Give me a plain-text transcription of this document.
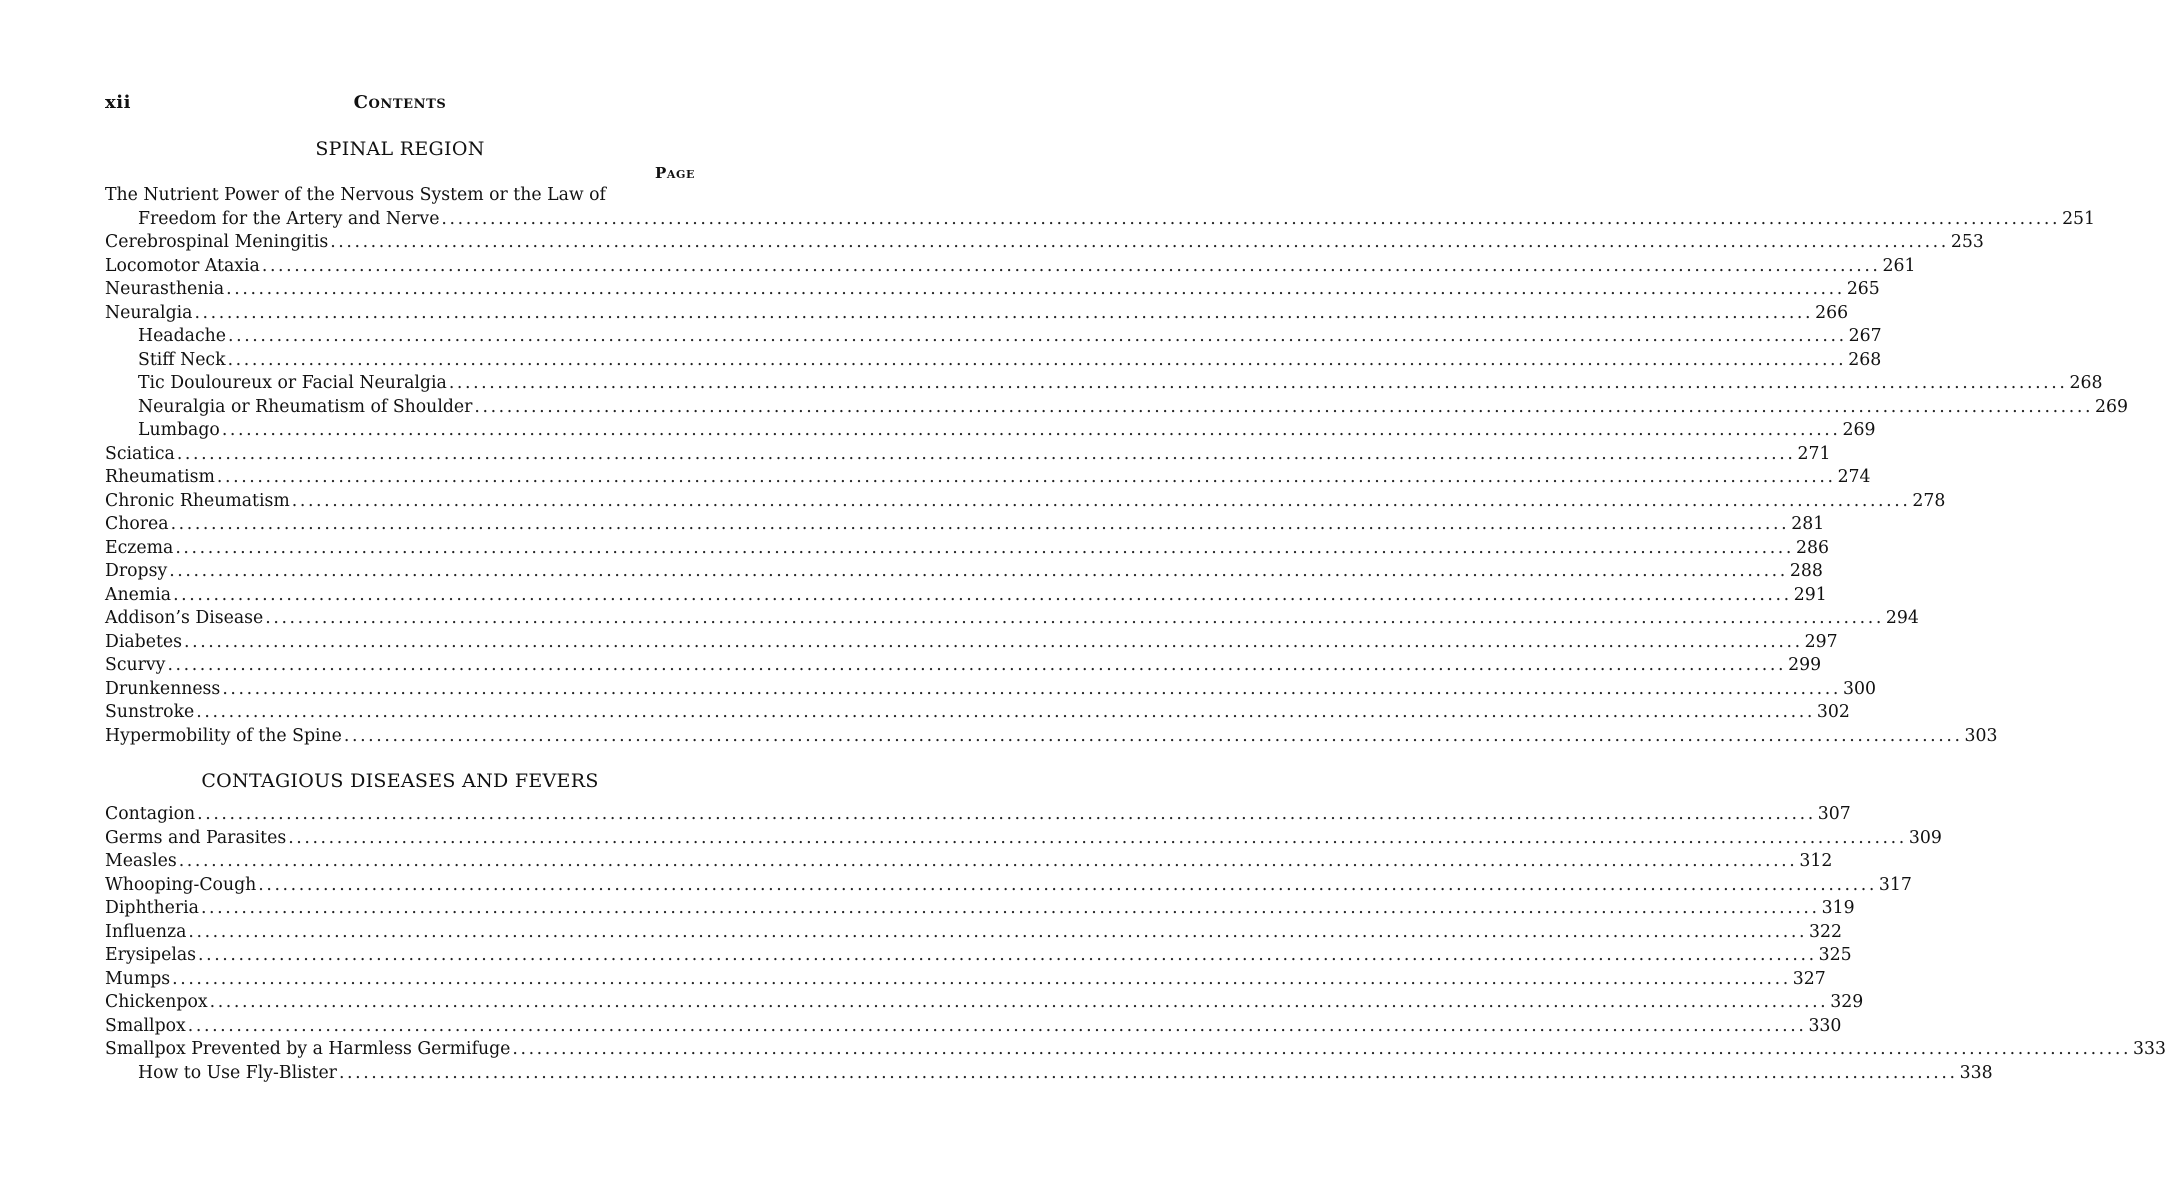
xii	Contents
SPINAL REGION
Page
The Nutrient Power of the Nervous System or the Law of
Freedom for the Artery and Nerve ........................................................................................................................................................................................................ 251
Cerebrospinal Meningitis ........................................................................................................................................................................................................ 253
Locomotor Ataxia ........................................................................................................................................................................................................ 261
Neurasthenia ........................................................................................................................................................................................................ 265
Neuralgia ........................................................................................................................................................................................................ 266
Headache ........................................................................................................................................................................................................ 267
Stiff Neck ........................................................................................................................................................................................................ 268
Tic Douloureux or Facial Neuralgia ........................................................................................................................................................................................................ 268
Neuralgia or Rheumatism of Shoulder ........................................................................................................................................................................................................ 269
Lumbago ........................................................................................................................................................................................................ 269
Sciatica ........................................................................................................................................................................................................ 271
Rheumatism ........................................................................................................................................................................................................ 274
Chronic Rheumatism ........................................................................................................................................................................................................ 278
Chorea ........................................................................................................................................................................................................ 281
Eczema ........................................................................................................................................................................................................ 286
Dropsy ........................................................................................................................................................................................................ 288
Anemia ........................................................................................................................................................................................................ 291
Addison’s Disease ........................................................................................................................................................................................................ 294
Diabetes ........................................................................................................................................................................................................ 297
Scurvy ........................................................................................................................................................................................................ 299
Drunkenness ........................................................................................................................................................................................................ 300
Sunstroke ........................................................................................................................................................................................................ 302
Hypermobility of the Spine ........................................................................................................................................................................................................ 303
CONTAGIOUS DISEASES AND FEVERS
Contagion ........................................................................................................................................................................................................ 307
Germs and Parasites ........................................................................................................................................................................................................ 309
Measles ........................................................................................................................................................................................................ 312
Whooping-Cough ........................................................................................................................................................................................................ 317
Diphtheria ........................................................................................................................................................................................................ 319
Influenza ........................................................................................................................................................................................................ 322
Erysipelas ........................................................................................................................................................................................................ 325
Mumps ........................................................................................................................................................................................................ 327
Chickenpox ........................................................................................................................................................................................................ 329
Smallpox ........................................................................................................................................................................................................ 330
Smallpox Prevented by a Harmless Germifuge ........................................................................................................................................................................................................ 333
How to Use Fly-Blister ........................................................................................................................................................................................................ 338
